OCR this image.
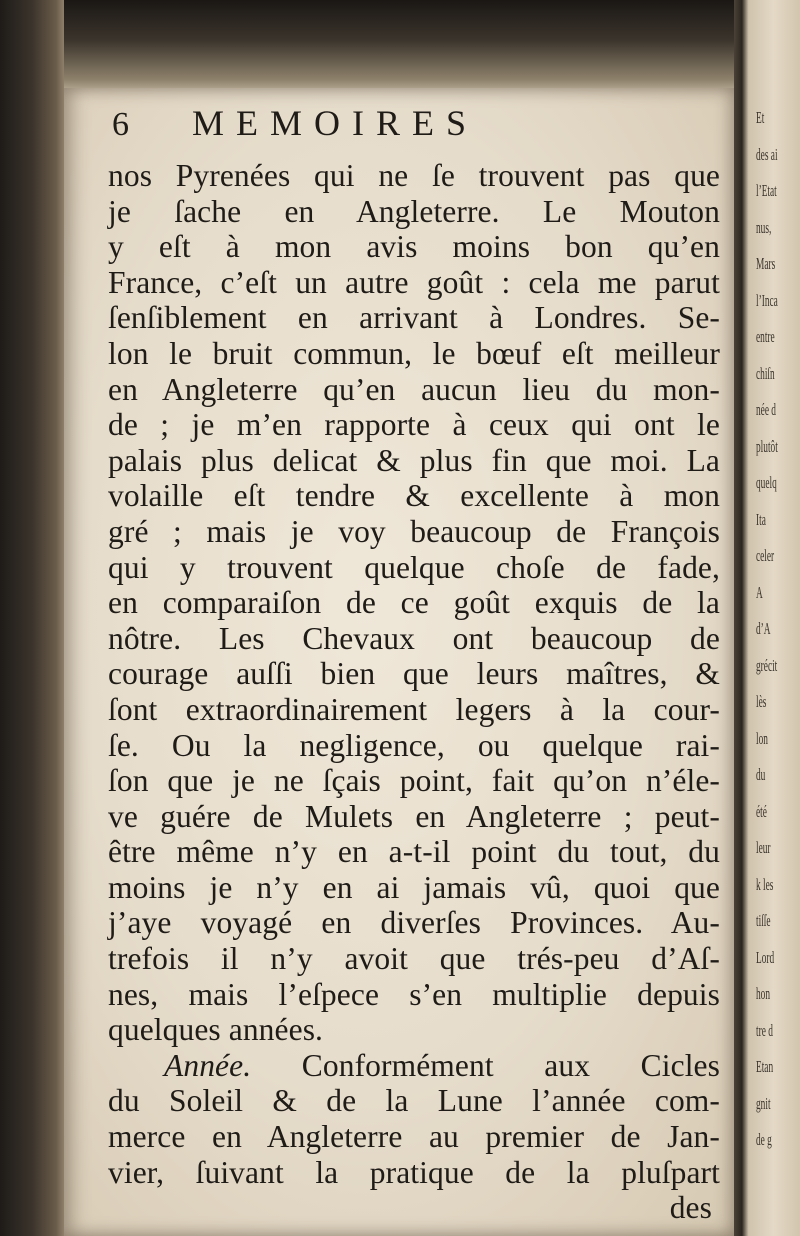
Et
des ai
l’Etat
nus,
Mars
l’Inca
entre
chiſn
née d
plutôt
quelq
Ita
celer
A
d’A
grécit
lès
lon
du
été
leur
k les
tiſſe
Lord
hon
tre d
Etan
gnit
de g
6	MEMOIRES
nos Pyrenées qui ne ſe trouvent pas que
je ſache en Angleterre. Le Mouton
y eſt à mon avis moins bon qu’en
France, c’eſt un autre goût : cela me parut
ſenſiblement en arrivant à Londres. Se-
lon le bruit commun, le bœuf eſt meilleur
en Angleterre qu’en aucun lieu du mon-
de ; je m’en rapporte à ceux qui ont le
palais plus delicat & plus fin que moi. La
volaille eſt tendre & excellente à mon
gré ; mais je voy beaucoup de François
qui y trouvent quelque choſe de fade,
en comparaiſon de ce goût exquis de la
nôtre. Les Chevaux ont beaucoup de
courage auſſi bien que leurs maîtres, &
ſont extraordinairement legers à la cour-
ſe. Ou la negligence, ou quelque rai-
ſon que je ne ſçais point, fait qu’on n’éle-
ve guére de Mulets en Angleterre ; peut-
être même n’y en a-t-il point du tout, du
moins je n’y en ai jamais vû, quoi que
j’aye voyagé en diverſes Provinces. Au-
trefois il n’y avoit que trés-peu d’Aſ-
nes, mais l’eſpece s’en multiplie depuis
quelques années.
Année. Conformément aux Cicles
du Soleil & de la Lune l’année com-
merce en Angleterre au premier de Jan-
vier, ſuivant la pratique de la pluſpart
des
